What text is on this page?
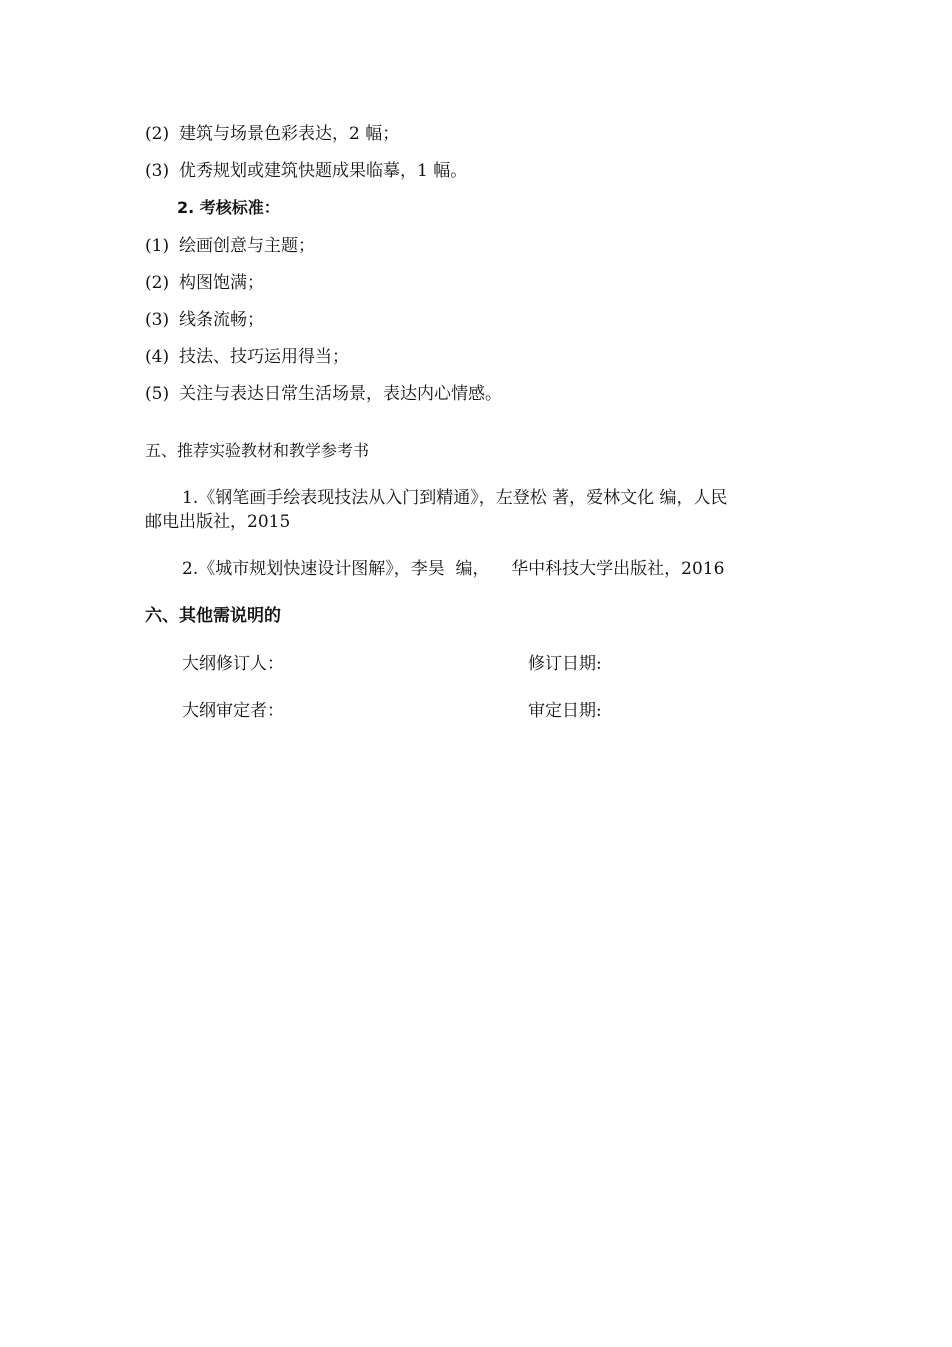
(2) 建筑与场景色彩表达，2 幅；
(3) 优秀规划或建筑快题成果临摹，1 幅。
2. 考核标准：
(1) 绘画创意与主题；
(2) 构图饱满；
(3) 线条流畅；
(4) 技法、技巧运用得当；
(5) 关注与表达日常生活场景，表达内心情感。
五、推荐实验教材和教学参考书
1.《钢笔画手绘表现技法从入门到精通》，左登松 著，爱林文化 编，人民
邮电出版社，2015
2.《城市规划快速设计图解》，李昊  编，    华中科技大学出版社，2016
六、其他需说明的
大纲修订人：	修订日期:
大纲审定者：	审定日期:
